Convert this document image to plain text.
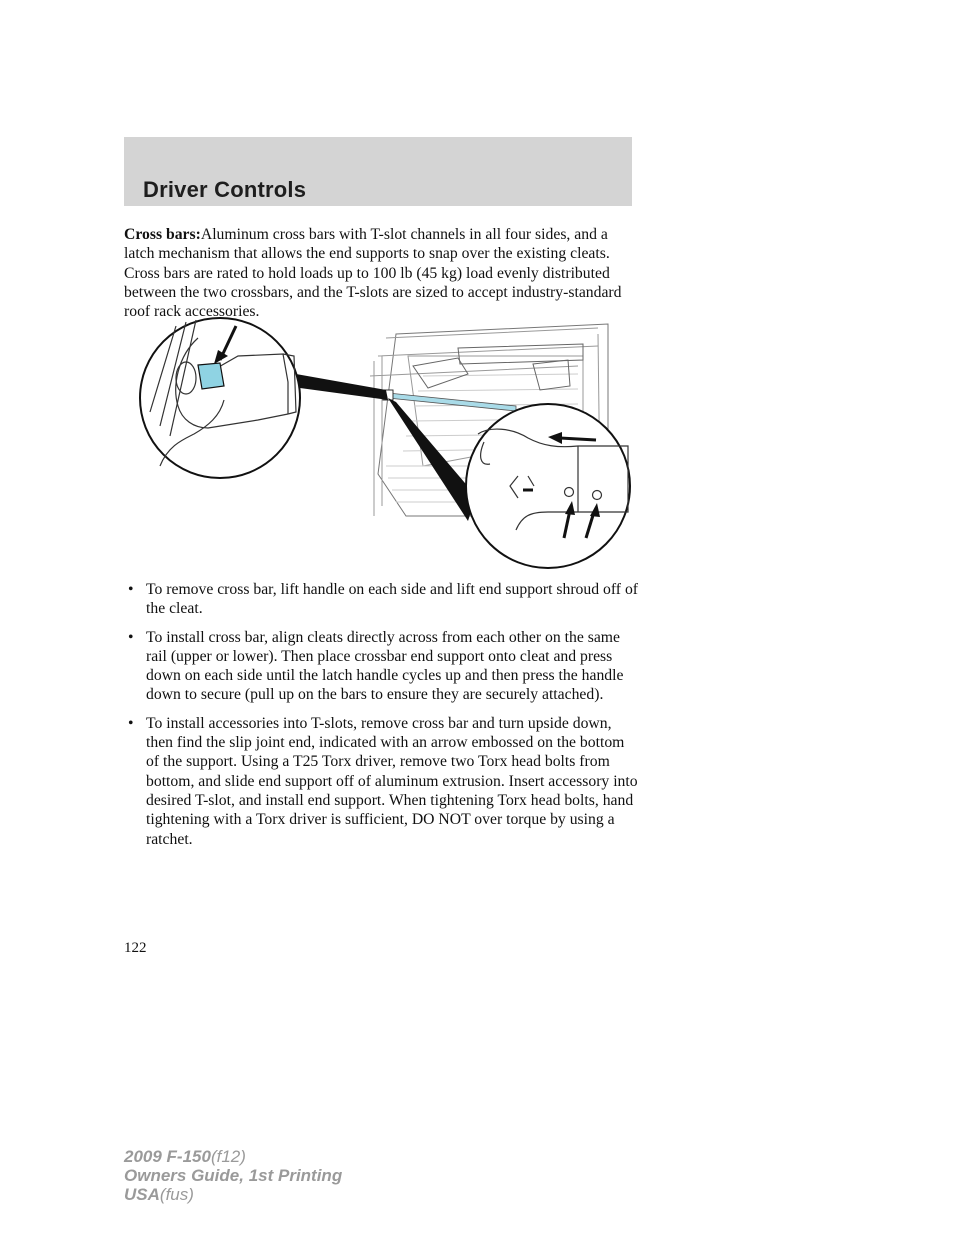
Driver Controls

Cross bars:Aluminum cross bars with T-slot channels in all four sides, and a latch mechanism that allows the end supports to snap over the existing cleats. Cross bars are rated to hold loads up to 100 lb (45 kg) load evenly distributed between the two crossbars, and the T-slots are sized to accept industry-standard roof rack accessories.

• To remove cross bar, lift handle on each side and lift end support shroud off of the cleat.
• To install cross bar, align cleats directly across from each other on the same rail (upper or lower). Then place crossbar end support onto cleat and press down on each side until the latch handle cycles up and then press the handle down to secure (pull up on the bars to ensure they are securely attached).
• To install accessories into T-slots, remove cross bar and turn upside down, then find the slip joint end, indicated with an arrow embossed on the bottom of the support. Using a T25 Torx driver, remove two Torx head bolts from bottom, and slide end support off of aluminum extrusion. Insert accessory into desired T-slot, and install end support. When tightening Torx head bolts, hand tightening with a Torx driver is sufficient, DO NOT over torque by using a ratchet.
122

2009 F-150(f12)
Owners Guide, 1st Printing
USA(fus)
